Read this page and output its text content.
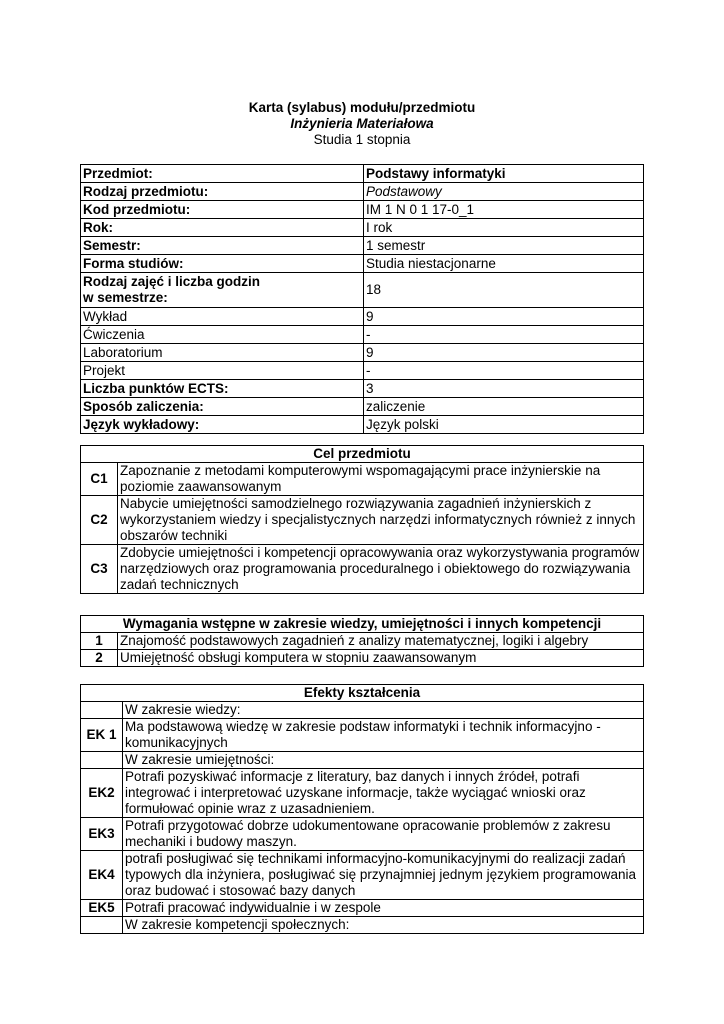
Karta (sylabus) modułu/przedmiotu
Inżynieria Materiałowa
Studia 1 stopnia
Przedmiot:	Podstawy informatyki
Rodzaj przedmiotu:	Podstawowy
Kod przedmiotu:	IM 1 N 0 1 17-0_1
Rok:	I rok
Semestr:	1 semestr
Forma studiów:	Studia niestacjonarne
Rodzaj zajęć i liczba godzin
w semestrze:	18
Wykład	9
Ćwiczenia	-
Laboratorium	9
Projekt	-
Liczba punktów ECTS:	3
Sposób zaliczenia:	zaliczenie
Język wykładowy:	Język polski
Cel przedmiotu	
C1	Zapoznanie z metodami komputerowymi wspomagającymi prace inżynierskie na poziomie zaawansowanym
C2	Nabycie umiejętności samodzielnego rozwiązywania zagadnień inżynierskich z wykorzystaniem wiedzy i specjalistycznych narzędzi informatycznych również z innych obszarów techniki
C3	Zdobycie umiejętności i kompetencji opracowywania oraz wykorzystywania programów narzędziowych oraz programowania proceduralnego i obiektowego do rozwiązywania zadań technicznych
Wymagania wstępne w zakresie wiedzy, umiejętności i innych kompetencji	
1	Znajomość podstawowych zagadnień z analizy matematycznej, logiki i algebry
2	Umiejętność obsługi komputera w stopniu zaawansowanym
Efekty kształcenia	
	W zakresie wiedzy:
EK 1	Ma podstawową wiedzę w zakresie podstaw informatyki i technik informacyjno - komunikacyjnych
	W zakresie umiejętności:
EK2	Potrafi pozyskiwać informacje z literatury, baz danych i innych źródeł, potrafi integrować i interpretować uzyskane informacje, także wyciągać wnioski oraz formułować opinie wraz z uzasadnieniem.
EK3	Potrafi przygotować dobrze udokumentowane opracowanie problemów z zakresu mechaniki i budowy maszyn.
EK4	potrafi posługiwać się technikami informacyjno-komunikacyjnymi do realizacji zadań typowych dla inżyniera, posługiwać się przynajmniej jednym językiem programowania oraz budować i stosować bazy danych
EK5	Potrafi pracować indywidualnie i w zespole
	W zakresie kompetencji społecznych:
